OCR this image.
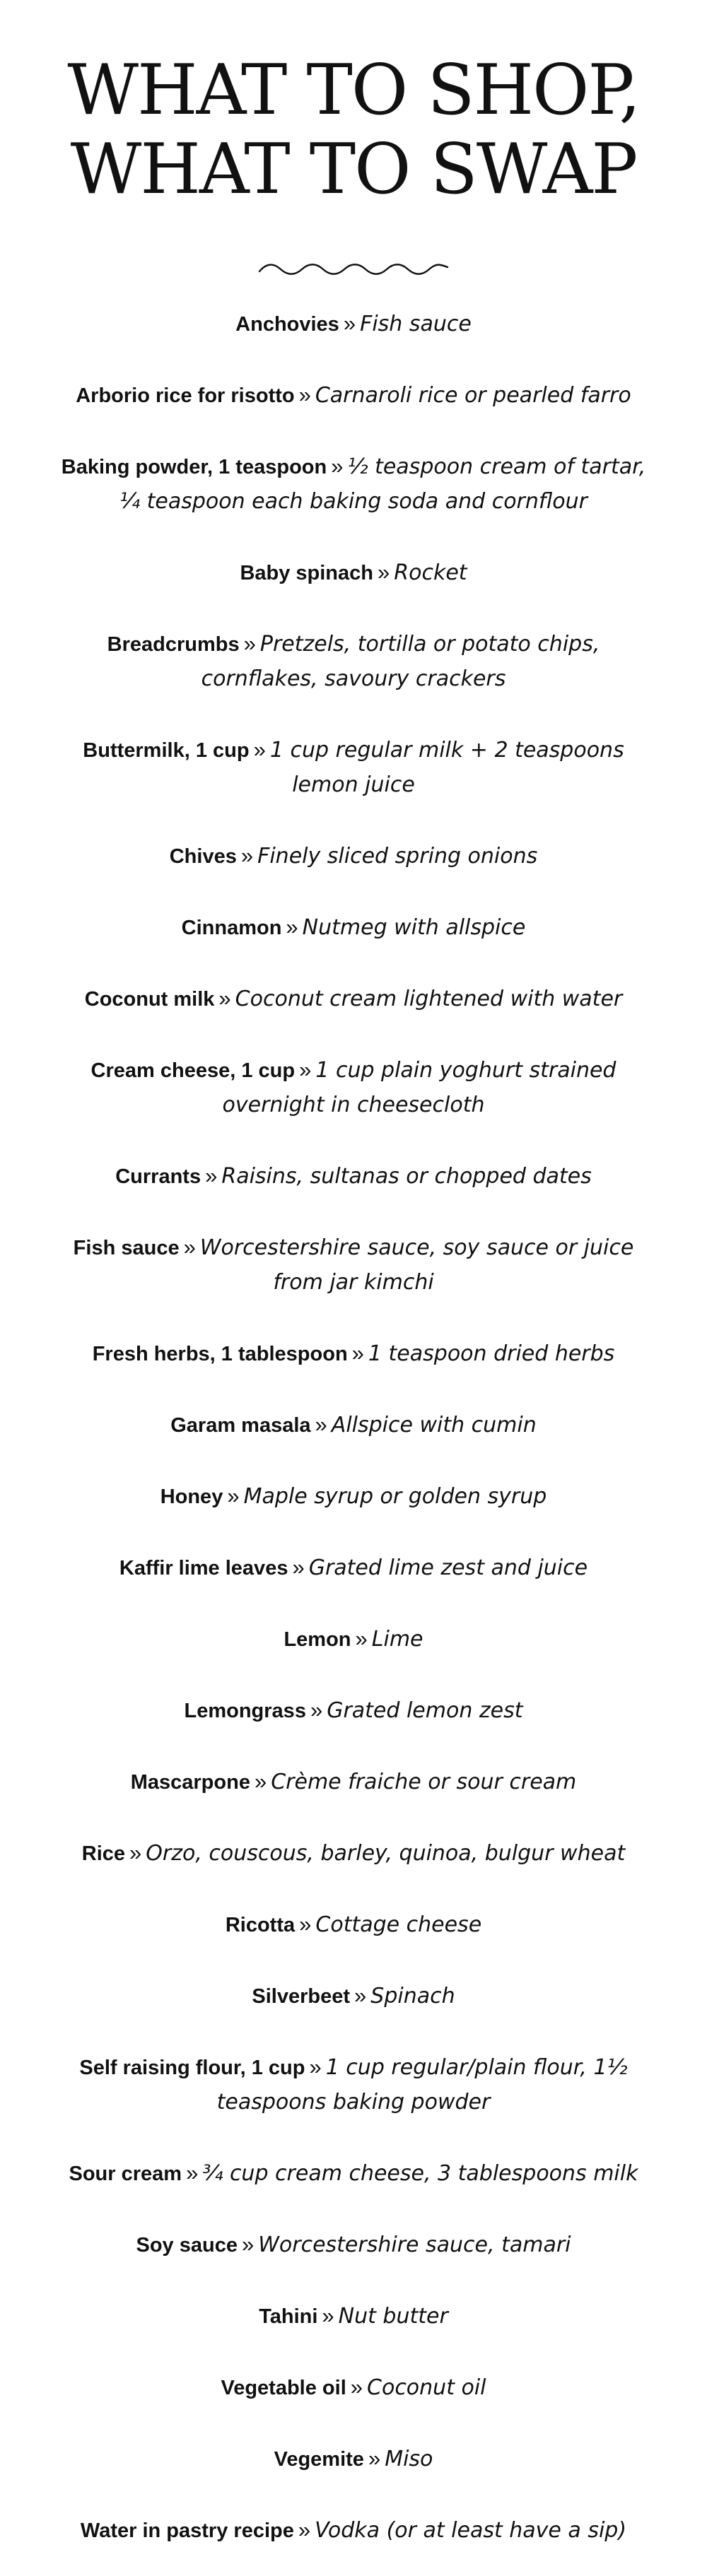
WHAT TO SHOP,
WHAT TO SWAP
Anchovies » Fish sauce
Arborio rice for risotto » Carnaroli rice or pearled farro
Baking powder, 1 teaspoon » ½ teaspoon cream of tartar, ¼ teaspoon each baking soda and cornflour
Baby spinach » Rocket
Breadcrumbs » Pretzels, tortilla or potato chips, cornflakes, savoury crackers
Buttermilk, 1 cup » 1 cup regular milk + 2 teaspoons lemon juice
Chives » Finely sliced spring onions
Cinnamon » Nutmeg with allspice
Coconut milk » Coconut cream lightened with water
Cream cheese, 1 cup » 1 cup plain yoghurt strained overnight in cheesecloth
Currants » Raisins, sultanas or chopped dates
Fish sauce » Worcestershire sauce, soy sauce or juice from jar kimchi
Fresh herbs, 1 tablespoon » 1 teaspoon dried herbs
Garam masala » Allspice with cumin
Honey » Maple syrup or golden syrup
Kaffir lime leaves » Grated lime zest and juice
Lemon » Lime
Lemongrass » Grated lemon zest
Mascarpone » Crème fraiche or sour cream
Rice » Orzo, couscous, barley, quinoa, bulgur wheat
Ricotta » Cottage cheese
Silverbeet » Spinach
Self raising flour, 1 cup » 1 cup regular/plain flour, 1½ teaspoons baking powder
Sour cream » ¾ cup cream cheese, 3 tablespoons milk
Soy sauce » Worcestershire sauce, tamari
Tahini » Nut butter
Vegetable oil » Coconut oil
Vegemite » Miso
Water in pastry recipe » Vodka (or at least have a sip)
